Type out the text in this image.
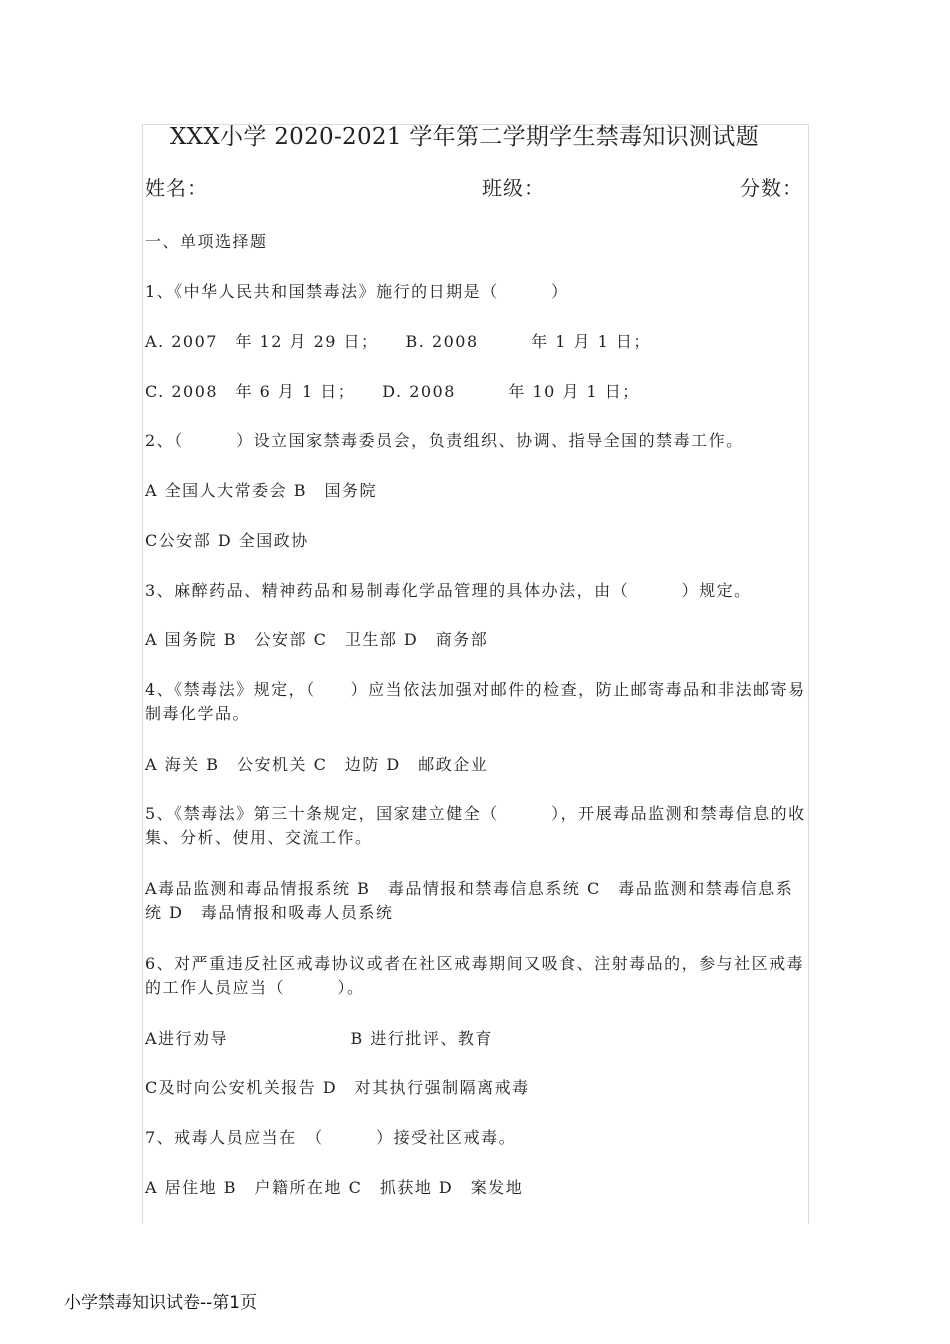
XXX小学 2020-2021 学年第二学期学生禁毒知识测试题
姓名：	班级：	分数：
一、单项选择题
1、《中华人民共和国禁毒法》施行的日期是（　　　）
A. 2007　年 12 月 29 日；　　B. 2008　　　年 1 月 1 日；
C. 2008　年 6 月 1 日；　　D. 2008　　　年 10 月 1 日；
2、（　　　）设立国家禁毒委员会，负责组织、协调、指导全国的禁毒工作。
A 全国人大常委会 B　国务院
C公安部 D 全国政协
3、麻醉药品、精神药品和易制毒化学品管理的具体办法，由（　　　）规定。
A 国务院 B　公安部 C　卫生部 D　商务部
4、《禁毒法》规定，（　　）应当依法加强对邮件的检查，防止邮寄毒品和非法邮寄易制毒化学品。
A 海关 B　公安机关 C　边防 D　邮政企业
5、《禁毒法》第三十条规定，国家建立健全（　　　），开展毒品监测和禁毒信息的收集、分析、使用、交流工作。
A毒品监测和毒品情报系统 B　毒品情报和禁毒信息系统 C　毒品监测和禁毒信息系统 D　毒品情报和吸毒人员系统
6、对严重违反社区戒毒协议或者在社区戒毒期间又吸食、注射毒品的，参与社区戒毒的工作人员应当（　　　）。
A进行劝导　　　　　　　B 进行批评、教育
C及时向公安机关报告 D　对其执行强制隔离戒毒
7、戒毒人员应当在　（　　　）接受社区戒毒。
A 居住地 B　户籍所在地 C　抓获地 D　案发地
小学禁毒知识试卷--第1页
